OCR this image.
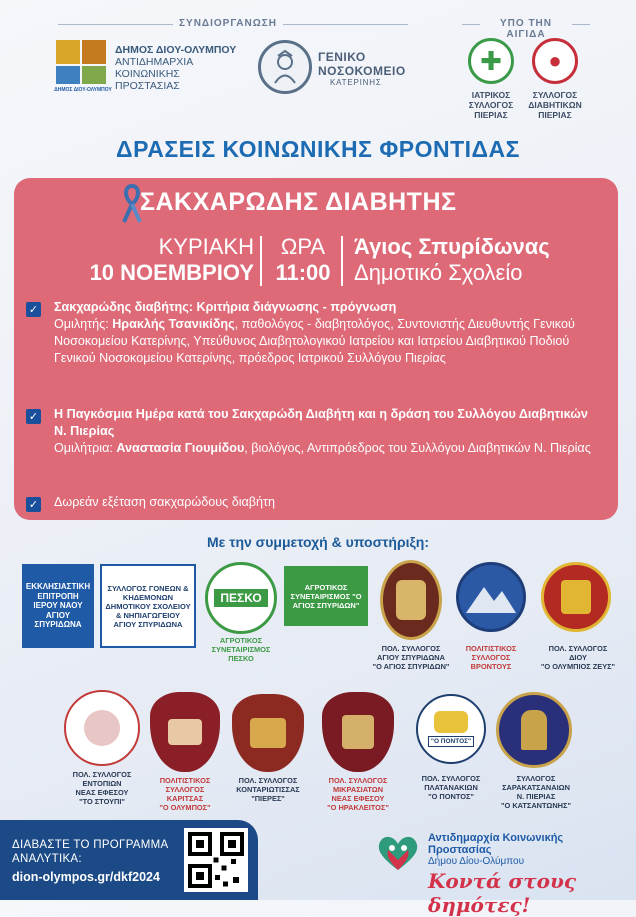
ΣΥΝΔΙΟΡΓΑΝΩΣΗ
ΔΗΜΟΣ ΔΙΟΥ-ΟΛΥΜΠΟΥ
ΔΗΜΟΣ ΔΙΟΥ-ΟΛΥΜΠΟΥ
ΑΝΤΙΔΗΜΑΡΧΙΑ
ΚΟΙΝΩΝΙΚΗΣ
ΠΡΟΣΤΑΣΙΑΣ
ΓΕΝΙΚΟ
ΝΟΣΟΚΟΜΕΙΟ
ΚΑΤΕΡΙΝΗΣ
ΥΠΟ ΤΗΝ ΑΙΓΙΔΑ
✚
ΙΑΤΡΙΚΟΣ
ΣΥΛΛΟΓΟΣ
ΠΙΕΡΙΑΣ
●
ΣΥΛΛΟΓΟΣ
ΔΙΑΒΗΤΙΚΩΝ
ΠΙΕΡΙΑΣ
ΔΡΑΣΕΙΣ ΚΟΙΝΩΝΙΚΗΣ ΦΡΟΝΤΙΔΑΣ
ΣΑΚΧΑΡΩΔΗΣ ΔΙΑΒΗΤΗΣ
ΚΥΡΙΑΚΗ
10 ΝΟΕΜΒΡΙΟΥ
ΩΡΑ
11:00
Άγιος Σπυρίδωνας
Δημοτικό Σχολείο
✓ Σακχαρώδης διαβήτης: Κριτήρια διάγνωσης - πρόγνωση
Ομιλητής: Ηρακλής Τσανικίδης, παθολόγος - διαβητολόγος, Συντονιστής Διευθυντής Γενικού Νοσοκομείου Κατερίνης, Υπεύθυνος Διαβητολογικού Ιατρείου και Ιατρείου Διαβητικού Ποδιού Γενικού Νοσοκομείου Κατερίνης, πρόεδρος Ιατρικού Συλλόγου Πιερίας
✓ Η Παγκόσμια Ημέρα κατά του Σακχαρώδη Διαβήτη και η δράση του Συλλόγου Διαβητικών Ν. Πιερίας
Ομιλήτρια: Αναστασία Γιουμίδου, βιολόγος, Αντιπρόεδρος του Συλλόγου Διαβητικών Ν. Πιερίας
✓ Δωρεάν εξέταση σακχαρώδους διαβήτη
Με την συμμετοχή & υποστήριξη:
ΕΚΚΛΗΣΙΑΣΤΙΚΗ ΕΠΙΤΡΟΠΗ ΙΕΡΟΥ ΝΑΟΥ ΑΓΙΟΥ ΣΠΥΡΙΔΩΝΑ
ΣΥΛΛΟΓΟΣ ΓΟΝΕΩΝ & ΚΗΔΕΜΟΝΩΝ ΔΗΜΟΤΙΚΟΥ ΣΧΟΛΕΙΟΥ & ΝΗΠΙΑΓΩΓΕΙΟΥ ΑΓΙΟΥ ΣΠΥΡΙΔΩΝΑ
ΠΕΣΚΟ
ΑΓΡΟΤΙΚΟΣ ΣΥΝΕΤΑΙΡΙΣΜΟΣ ΠΕΣΚΟ
ΑΓΡΟΤΙΚΟΣ ΣΥΝΕΤΑΙΡΙΣΜΟΣ "Ο ΑΓΙΟΣ ΣΠΥΡΙΔΩΝ"
ΠΟΛ. ΣΥΛΛΟΓΟΣ
ΑΓΙΟΥ ΣΠΥΡΙΔΩΝΑ
"Ο ΑΓΙΟΣ ΣΠΥΡΙΔΩΝ"
ΠΟΛΙΤΙΣΤΙΚΟΣ
ΣΥΛΛΟΓΟΣ
ΒΡΟΝΤΟΥΣ
ΠΟΛ. ΣΥΛΛΟΓΟΣ
ΔΙΟΥ
"Ο ΟΛΥΜΠΙΟΣ ΖΕΥΣ"
ΠΟΛ. ΣΥΛΛΟΓΟΣ
ΕΝΤΟΠΙΩΝ
ΝΕΑΣ ΕΦΕΣΟΥ
"ΤΟ ΣΤΟΥΠΙ"
ΠΟΛΙΤΙΣΤΙΚΟΣ
ΣΥΛΛΟΓΟΣ
ΚΑΡΙΤΣΑΣ
"Ο ΟΛΥΜΠΟΣ"
ΠΟΛ. ΣΥΛΛΟΓΟΣ
ΚΟΝΤΑΡΙΩΤΙΣΣΑΣ
"ΠΙΕΡΕΣ"
ΠΟΛ. ΣΥΛΛΟΓΟΣ
ΜΙΚΡΑΣΙΑΤΩΝ
ΝΕΑΣ ΕΦΕΣΟΥ
"Ο ΗΡΑΚΛΕΙΤΟΣ"
"Ο ΠΟΝΤΟΣ"
ΠΟΛ. ΣΥΛΛΟΓΟΣ
ΠΛΑΤΑΝΑΚΙΩΝ
"Ο ΠΟΝΤΟΣ"
ΣΥΛΛΟΓΟΣ
ΣΑΡΑΚΑΤΣΑΝΑΙΩΝ
Ν. ΠΙΕΡΙΑΣ
"Ο ΚΑΤΣΑΝΤΩΝΗΣ"
ΔΙΑΒΑΣΤΕ ΤΟ ΠΡΟΓΡΑΜΜΑ
ΑΝΑΛΥΤΙΚΑ:
dion-olympos.gr/dkf2024
Αντιδημαρχία Κοινωνικής Προστασίας
Δήμου Δίου-Ολύμπου
Κοντά στους δημότες!
